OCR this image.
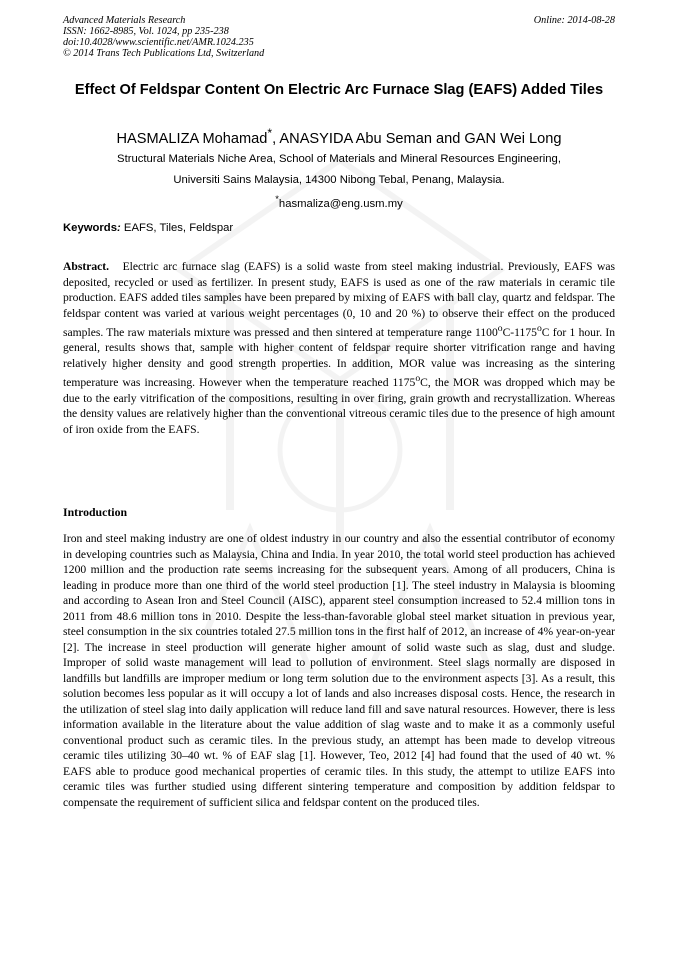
Advanced Materials Research
ISSN: 1662-8985, Vol. 1024, pp 235-238
doi:10.4028/www.scientific.net/AMR.1024.235
© 2014 Trans Tech Publications Ltd, Switzerland
Online: 2014-08-28
Effect Of Feldspar Content On Electric Arc Furnace Slag (EAFS) Added Tiles
HASMALIZA Mohamad*, ANASYIDA Abu Seman and GAN Wei Long
Structural Materials Niche Area, School of Materials and Mineral Resources Engineering,
Universiti Sains Malaysia, 14300 Nibong Tebal, Penang, Malaysia.
*hasmaliza@eng.usm.my
Keywords: EAFS, Tiles, Feldspar
Abstract. Electric arc furnace slag (EAFS) is a solid waste from steel making industrial. Previously, EAFS was deposited, recycled or used as fertilizer. In present study, EAFS is used as one of the raw materials in ceramic tile production. EAFS added tiles samples have been prepared by mixing of EAFS with ball clay, quartz and feldspar. The feldspar content was varied at various weight percentages (0, 10 and 20 %) to observe their effect on the produced samples. The raw materials mixture was pressed and then sintered at temperature range 1100$^o$C-1175$^o$C for 1 hour. In general, results shows that, sample with higher content of feldspar require shorter vitrification range and having relatively higher density and good strength properties. In addition, MOR value was increasing as the sintering temperature was increasing. However when the temperature reached 1175$^o$C, the MOR was dropped which may be due to the early vitrification of the compositions, resulting in over firing, grain growth and recrystallization. Whereas the density values are relatively higher than the conventional vitreous ceramic tiles due to the presence of high amount of iron oxide from the EAFS.
Introduction
Iron and steel making industry are one of oldest industry in our country and also the essential contributor of economy in developing countries such as Malaysia, China and India. In year 2010, the total world steel production has achieved 1200 million and the production rate seems increasing for the subsequent years. Among of all producers, China is leading in produce more than one third of the world steel production [1]. The steel industry in Malaysia is blooming and according to Asean Iron and Steel Council (AISC), apparent steel consumption increased to 52.4 million tons in 2011 from 48.6 million tons in 2010. Despite the less-than-favorable global steel market situation in previous year, steel consumption in the six countries totaled 27.5 million tons in the first half of 2012, an increase of 4% year-on-year [2]. The increase in steel production will generate higher amount of solid waste such as slag, dust and sludge. Improper of solid waste management will lead to pollution of environment. Steel slags normally are disposed in landfills but landfills are improper medium or long term solution due to the environment aspects [3]. As a result, this solution becomes less popular as it will occupy a lot of lands and also increases disposal costs. Hence, the research in the utilization of steel slag into daily application will reduce land fill and save natural resources. However, there is less information available in the literature about the value addition of slag waste and to make it as a commonly useful conventional product such as ceramic tiles. In the previous study, an attempt has been made to develop vitreous ceramic tiles utilizing 30–40 wt. % of EAF slag [1]. However, Teo, 2012 [4] had found that the used of 40 wt. % EAFS able to produce good mechanical properties of ceramic tiles. In this study, the attempt to utilize EAFS into ceramic tiles was further studied using different sintering temperature and composition by addition feldspar to compensate the requirement of sufficient silica and feldspar content on the produced tiles.
